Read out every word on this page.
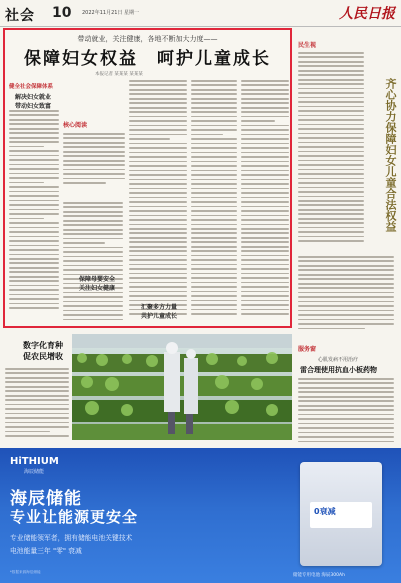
社会 10 2022年11月21日 星期一	人民日报
带动就业，关注健康，各地不断加大力度——
保障妇女权益　呵护儿童成长
本报记者 某某某 某某某
健全社会保障体系
解决妇女就业
带动妇女致富
核心阅读
保障母婴安全
关注妇女健康
汇聚多方力量
共护儿童成长
民生视
齐心协力保障妇女儿童合法权益
服务窗
心肌发病不用治疗
雷合理使用抗血小板药物
数字化育种
促农民增收
HiTHIUM
海辰储能
海辰储能
专业让能源更安全
专业储能领军者，拥有储能电池关键技术
电池能量三年 "零" 衰减
*数据来源海辰储能
0衰减
储能专用电池 海辰300Ah
